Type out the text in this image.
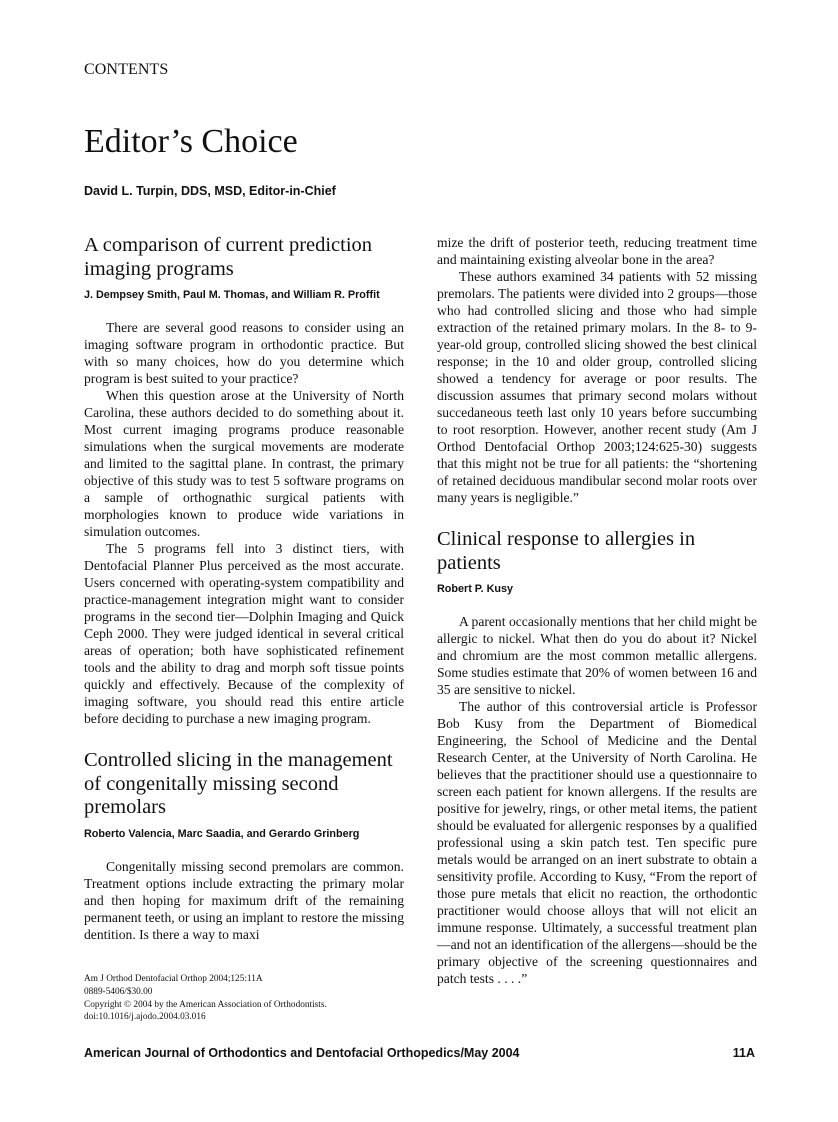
CONTENTS
Editor’s Choice
David L. Turpin, DDS, MSD, Editor-in-Chief
A comparison of current prediction imaging programs
J. Dempsey Smith, Paul M. Thomas, and William R. Proffit

There are several good reasons to consider using an imaging software program in orthodontic practice. But with so many choices, how do you determine which program is best suited to your practice?

When this question arose at the University of North Carolina, these authors decided to do something about it. Most current imaging programs produce reasonable simulations when the surgical movements are moderate and limited to the sagittal plane. In contrast, the primary objective of this study was to test 5 software programs on a sample of orthognathic surgical patients with morphologies known to produce wide variations in simulation outcomes.

The 5 programs fell into 3 distinct tiers, with Dentofacial Planner Plus perceived as the most accurate. Users concerned with operating-system compatibility and practice-management integration might want to consider programs in the second tier—Dolphin Imaging and Quick Ceph 2000. They were judged identical in several critical areas of operation; both have sophisticated refinement tools and the ability to drag and morph soft tissue points quickly and effectively. Because of the complexity of imaging software, you should read this entire article before deciding to purchase a new imaging program.

Controlled slicing in the management of congenitally missing second premolars
Roberto Valencia, Marc Saadia, and Gerardo Grinberg

Congenitally missing second premolars are common. Treatment options include extracting the primary molar and then hoping for maximum drift of the remaining permanent teeth, or using an implant to restore the missing dentition. Is there a way to maxi

Am J Orthod Dentofacial Orthop 2004;125:11A
0889-5406/$30.00
Copyright © 2004 by the American Association of Orthodontists.
doi:10.1016/j.ajodo.2004.03.016

mize the drift of posterior teeth, reducing treatment time and maintaining existing alveolar bone in the area?

These authors examined 34 patients with 52 missing premolars. The patients were divided into 2 groups—those who had controlled slicing and those who had simple extraction of the retained primary molars. In the 8- to 9-year-old group, controlled slicing showed the best clinical response; in the 10 and older group, controlled slicing showed a tendency for average or poor results. The discussion assumes that primary second molars without succedaneous teeth last only 10 years before succumbing to root resorption. However, another recent study (Am J Orthod Dentofacial Orthop 2003;124:625-30) suggests that this might not be true for all patients: the “shortening of retained deciduous mandibular second molar roots over many years is negligible.”

Clinical response to allergies in patients
Robert P. Kusy

A parent occasionally mentions that her child might be allergic to nickel. What then do you do about it? Nickel and chromium are the most common metallic allergens. Some studies estimate that 20% of women between 16 and 35 are sensitive to nickel.

The author of this controversial article is Professor Bob Kusy from the Department of Biomedical Engineering, the School of Medicine and the Dental Research Center, at the University of North Carolina. He believes that the practitioner should use a questionnaire to screen each patient for known allergens. If the results are positive for jewelry, rings, or other metal items, the patient should be evaluated for allergenic responses by a qualified professional using a skin patch test. Ten specific pure metals would be arranged on an inert substrate to obtain a sensitivity profile. According to Kusy, “From the report of those pure metals that elicit no reaction, the orthodontic practitioner would choose alloys that will not elicit an immune response. Ultimately, a successful treatment plan—and not an identification of the allergens—should be the primary objective of the screening questionnaires and patch tests . . . .”

American Journal of Orthodontics and Dentofacial Orthopedics/May 2004	11A
